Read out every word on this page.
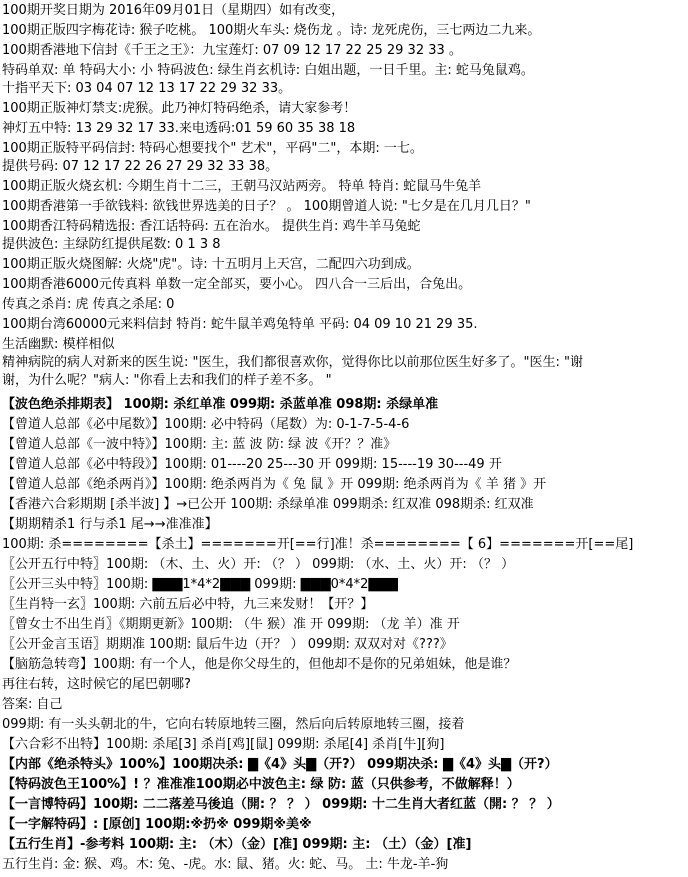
100期开奖日期为 2016年09月01日（星期四）如有改变，
100期正版四字梅花诗: 猴子吃桃。 100期火车头: 烧伤龙 。诗: 龙死虎伤，三七两边二九来。
100期香港地下信封《千王之王》：九宝莲灯: 07 09 12 17 22 25 29 32 33 。
特码单双: 单 特码大小: 小 特码波色: 绿生肖玄机诗: 白姐出题，一日千里。主: 蛇马兔鼠鸡。
十指平天下: 03 04 07 12 13 17 22 29 32 33。
100期正版神灯禁支:虎猴。此乃神灯特码绝杀，请大家参考！
神灯五中特: 13 29 32 17 33.来电透码:01 59 60 35 38 18
100期正版特平码信封: 特码心想要找个" 艺术"，平码"二"，本期: 一七。
提供号码: 07 12 17 22 26 27 29 32 33 38。
100期正版火烧玄机: 今期生肖十二三，王朝马汉站两旁。 特单 特肖: 蛇鼠马牛兔羊
100期香港第一手欲钱料: 欲钱世界选美的日子？ 。 100期曾道人说: "七夕是在几月几日？"
100期香江特码精选报: 香江话特码: 五在治水。 提供生肖: 鸡牛羊马兔蛇
提供波色: 主绿防红提供尾数: 0 1 3 8
100期正版火烧图解: 火烧"虎"。诗: 十五明月上天宫，二配四六功到成。
100期香港6000元传真料 单数一定全部买，要小心。 四八合一三后出，合兔出。
传真之杀肖: 虎 传真之杀尾: 0
100期台湾60000元来料信封 特肖: 蛇牛鼠羊鸡兔特单 平码: 04 09 10 21 29 35.
生活幽默: 模样相似
精神病院的病人对新来的医生说: "医生，我们都很喜欢你，觉得你比以前那位医生好多了。"医生: "谢
谢，为什么呢？"病人: "你看上去和我们的样子差不多。 "
【波色绝杀排期表】 100期: 杀红单准 099期: 杀蓝单准 098期: 杀绿单准
【曾道人总部《必中尾数》】100期: 必中特码（尾数）为: 0-1-7-5-4-6
【曾道人总部《一波中特》】100期: 主: 蓝 波 防: 绿 波《开？？准》
【曾道人总部《必中特段》】100期: 01----20 25---30 开 099期: 15----19 30---49 开
【曾道人总部《绝杀两肖》】100期: 绝杀两肖为《 兔 鼠 》开 099期: 绝杀两肖为《 羊 猪 》开
【香港六合彩期期 [杀半波] 】→已公开 100期: 杀绿单准 099期杀: 红双准 098期杀: 红双准
【期期精杀1 行与杀1 尾→→准准准】
100期: 杀========【杀土】=======开[==行]准！杀========【 6】=======开[==尾]
〖公开五行中特〗100期: （木、土、火）开: （？ ） 099期: （水、土、火）开: （？ ）
〖公开三头中特〗100期: ▇▇▇1*4*2▇▇▇ 099期: ▇▇▇0*4*2▇▇▇
〖生肖特一玄〗100期: 六前五后必中特，九三来发财！【开？】
〖曾女士不出生肖〗《期期更新》100期: （牛 猴）准 开 099期: （龙 羊）准 开
〖公开金言玉语〗期期准 100期: 鼠后牛边（开？ ） 099期: 双双对对《???》
【脑筋急转弯】100期: 有一个人，他是你父母生的，但他却不是你的兄弟姐妹，他是谁？
再往右转，这时候它的尾巴朝哪?
答案: 自己
099期: 有一头头朝北的牛，它向右转原地转三圈，然后向后转原地转三圈，接着
【六合彩不出特】100期: 杀尾[3] 杀肖[鸡][鼠] 099期: 杀尾[4] 杀肖[牛][狗]
【内部《绝杀特头》100%】100期决杀: ▇《4》头▇（开?） 099期决杀: ▇《4》头▇（开?）
【特码波色王100%】! ？准准准100期必中波色主: 绿 防: 蓝（只供参考，不做解释！）
【一言博特码】100期: 二二落差马後追（開: ？ ？ ） 099期: 十二生肖大者红蓝（開: ？ ？ ）
【一字解特码】: [原创] 100期:※扔※ 099期※美※
【五行生肖】-参考料 100期: 主: （木）（金）[准] 099期: 主: （土）（金）[准]
五行生肖: 金: 猴、鸡。木: 兔、-虎。水: 鼠、猪。火: 蛇、马。 土: 牛龙-羊-狗
